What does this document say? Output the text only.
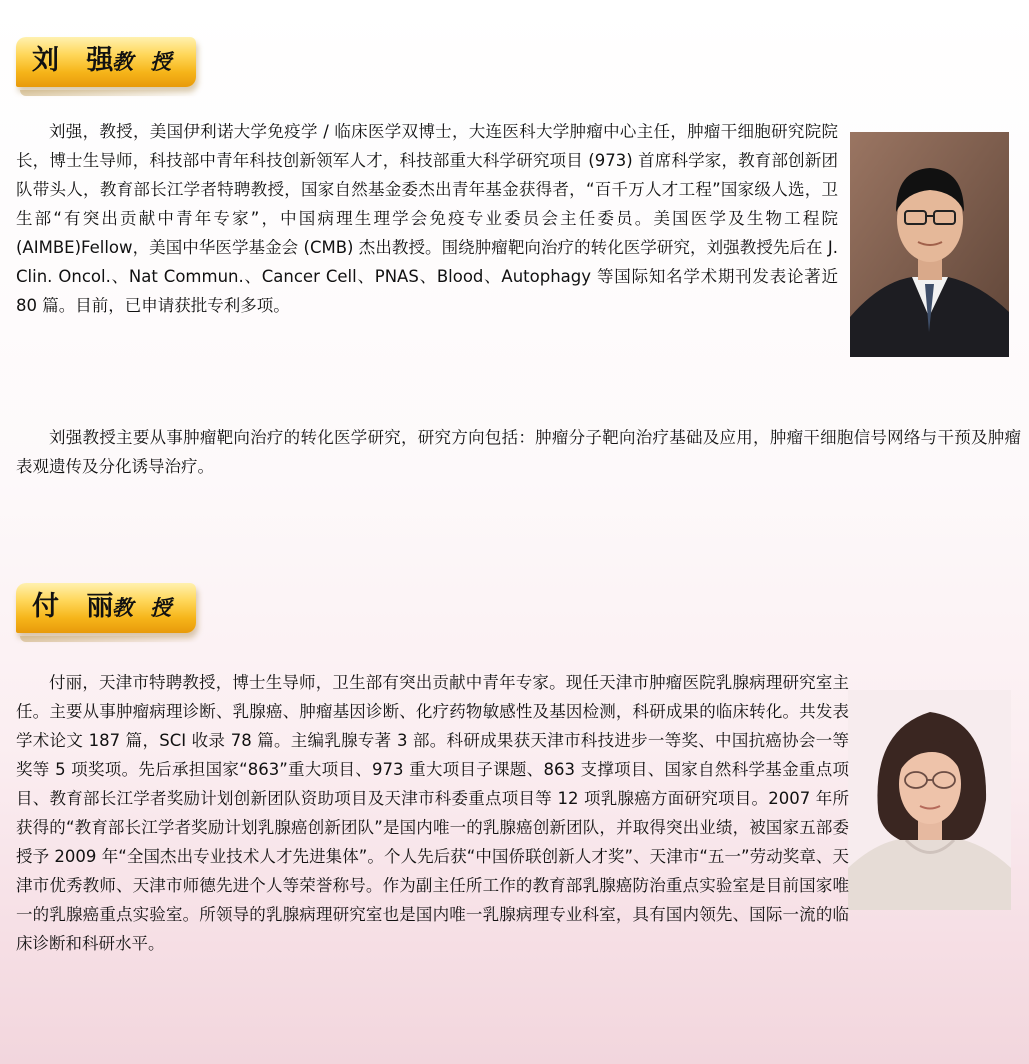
刘 强
教 授

刘强，教授，美国伊利诺大学免疫学 / 临床医学双博士，大连医科大学肿瘤中心主任，肿瘤干细胞研究院院长，博士生导师，科技部中青年科技创新领军人才，科技部重大科学研究项目 (973) 首席科学家，教育部创新团队带头人，教育部长江学者特聘教授，国家自然基金委杰出青年基金获得者，“百千万人才工程”国家级人选，卫生部“有突出贡献中青年专家”，中国病理生理学会免疫专业委员会主任委员。美国医学及生物工程院 (AIMBE)Fellow，美国中华医学基金会 (CMB) 杰出教授。围绕肿瘤靶向治疗的转化医学研究，刘强教授先后在 J. Clin. Oncol.、Nat Commun.、Cancer Cell、PNAS、Blood、Autophagy 等国际知名学术期刊发表论著近 80 篇。目前，已申请获批专利多项。

刘强教授主要从事肿瘤靶向治疗的转化医学研究，研究方向包括：肿瘤分子靶向治疗基础及应用，肿瘤干细胞信号网络与干预及肿瘤表观遗传及分化诱导治疗。

付 丽
教 授

付丽，天津市特聘教授，博士生导师，卫生部有突出贡献中青年专家。现任天津市肿瘤医院乳腺病理研究室主任。主要从事肿瘤病理诊断、乳腺癌、肿瘤基因诊断、化疗药物敏感性及基因检测，科研成果的临床转化。共发表学术论文 187 篇，SCI 收录 78 篇。主编乳腺专著 3 部。科研成果获天津市科技进步一等奖、中国抗癌协会一等奖等 5 项奖项。先后承担国家“863”重大项目、973 重大项目子课题、863 支撑项目、国家自然科学基金重点项目、教育部长江学者奖励计划创新团队资助项目及天津市科委重点项目等 12 项乳腺癌方面研究项目。2007 年所获得的“教育部长江学者奖励计划乳腺癌创新团队”是国内唯一的乳腺癌创新团队，并取得突出业绩，被国家五部委授予 2009 年“全国杰出专业技术人才先进集体”。个人先后获“中国侨联创新人才奖”、天津市“五一”劳动奖章、天津市优秀教师、天津市师德先进个人等荣誉称号。作为副主任所工作的教育部乳腺癌防治重点实验室是目前国家唯一的乳腺癌重点实验室。所领导的乳腺病理研究室也是国内唯一乳腺病理专业科室，具有国内领先、国际一流的临床诊断和科研水平。
